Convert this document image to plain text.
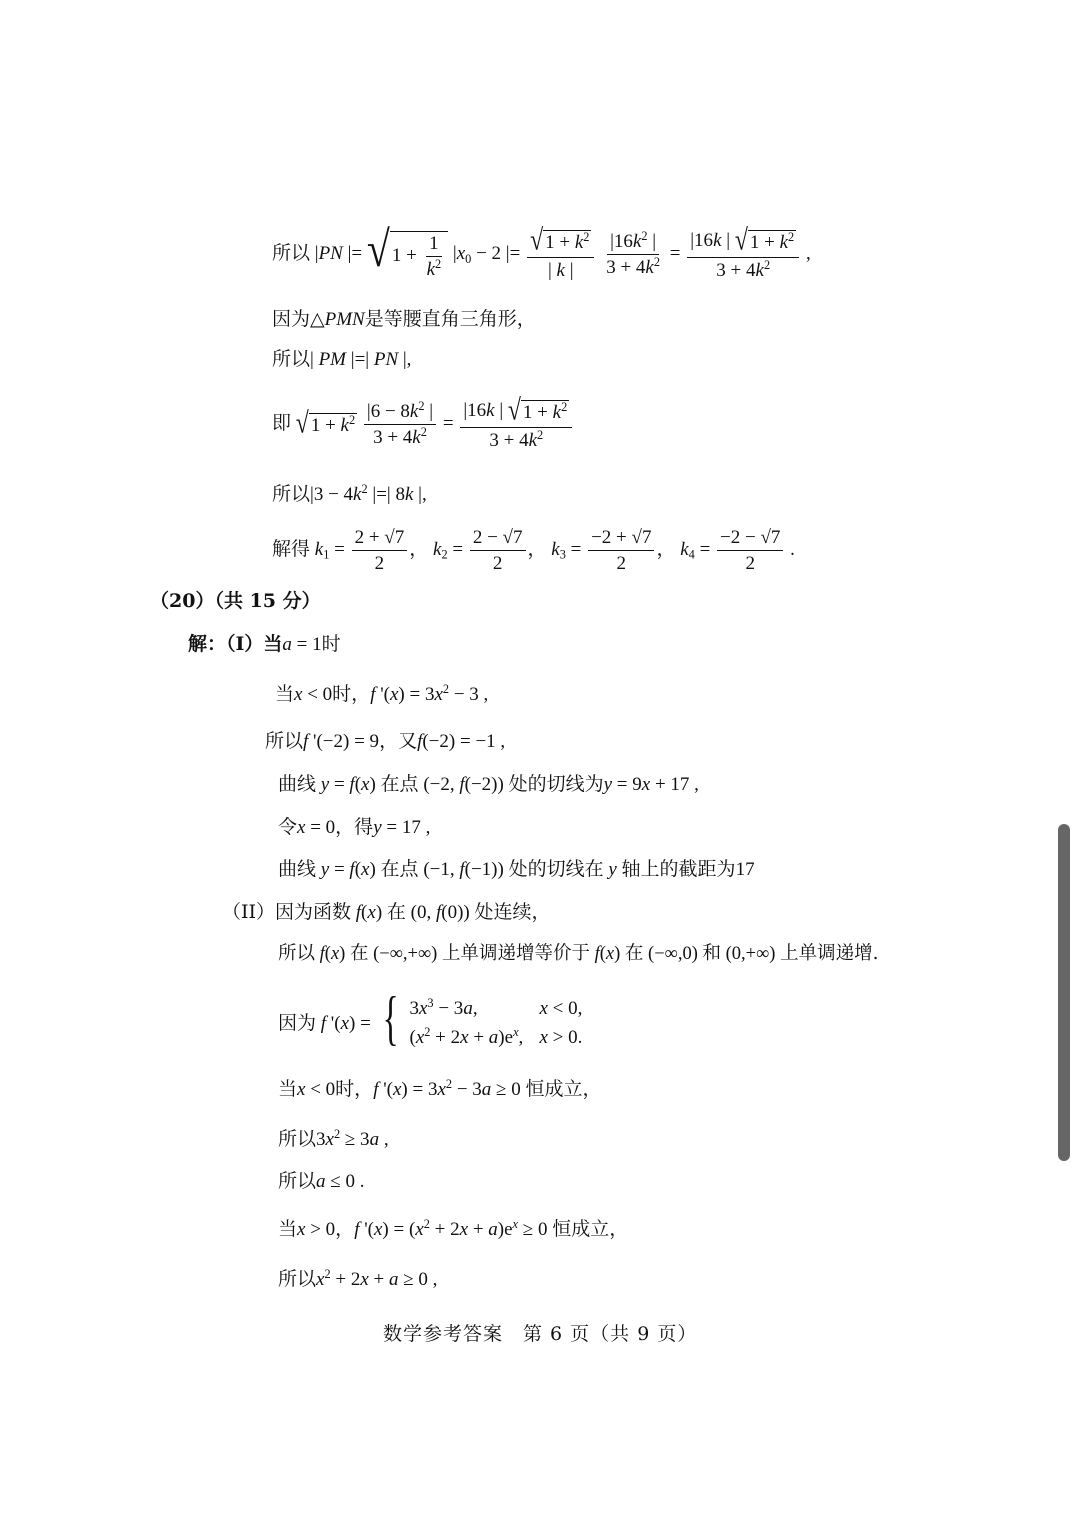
所以 |PN |= √ $1 + \frac{1}{k^2} |x_0 - 2$ |= $\frac{√ 1 + k^2}{| k |}$
$\frac{|16k^2 |}{3 + 4k^2} = \frac{|16k | √ 1 + k^2}{3 + 4k^2}$ ,
因为△PMN是等腰直角三角形，
所以| PM |=| PN |,
即 √ $1 + k^2$
$\frac{|6 - 8k^2 |}{3 + 4k^2} = \frac{|16k | √ 1 + k^2}{3 + 4k^2}$
所以$|3 - 4k^2$ |=| 8k |,
解得 $k_1 = \frac{2 + √7}{2}$ ， $k_2 = \frac{2 - √7}{2}$ ， $k_3 = \frac{-2 + √7}{2}$ ， $k_4 = \frac{-2 - √7}{2}$ .
（20）（共 15 分）
解：（Ⅰ）当a = 1时
当x < 0时，f '$(x) = 3x^2 - 3$ ,
所以f '(−2) = 9，又f(−2) = −1 ,
曲线 y = f(x) 在点 (−2, f(−2)) 处的切线为y = 9x + 17 ,
令x = 0，得y = 17 ,
曲线 y = f(x) 在点 (−1, f(−1)) 处的切线在 y 轴上的截距为17
（II）因为函数 f(x) 在 (0, f(0)) 处连续，
所以 f(x) 在 (−∞,+∞) 上单调递增等价于 f(x) 在 (−∞,0) 和 (0,+∞) 上单调递增.
因为 f '(x) = { $3x^3 - 3a$,	x < 0,
$(x^2 + 2x + a)e^x$, x > 0.
当x < 0时，f '$(x) = 3x^2 - 3a \ge 0$ 恒成立，
所以$3x^2 \ge 3a$ ,
所以a ≤ 0 .
当x > 0，f '$(x) = (x^2 + 2x + a)e^x \ge 0$ 恒成立，
所以$x^2 + 2x + a \ge 0$ ,
数学参考答案　第 6 页（共 9 页）
